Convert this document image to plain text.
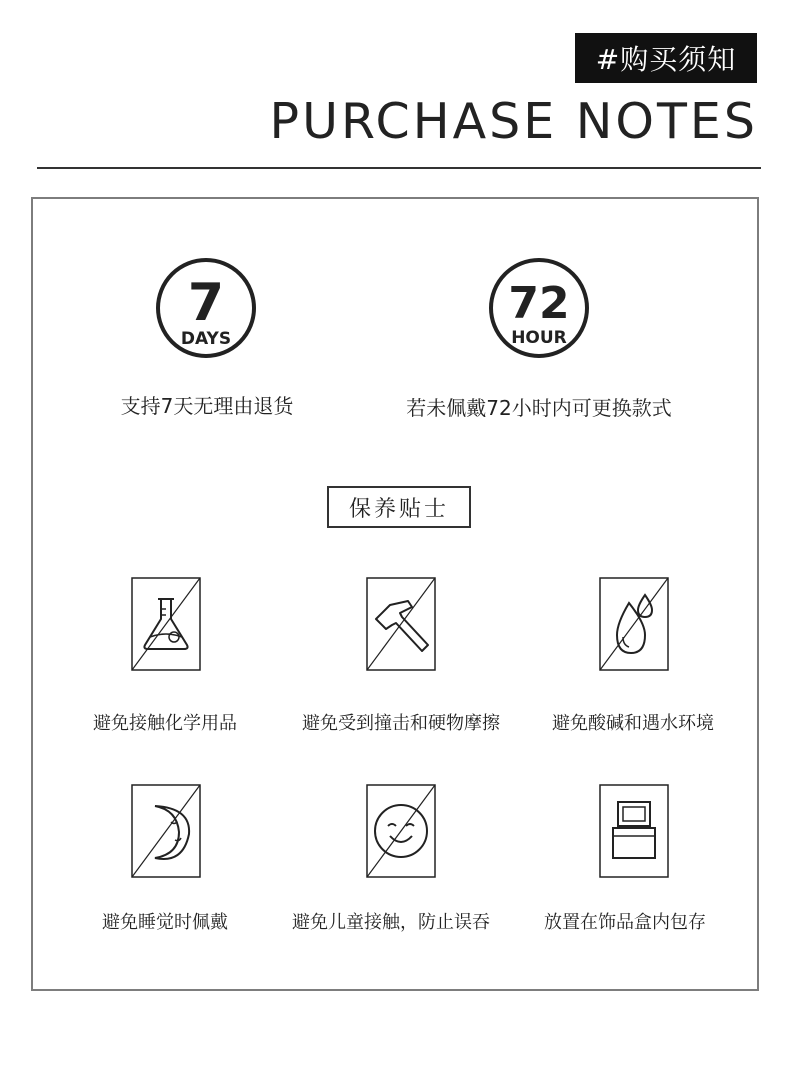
#购买须知
PURCHASE NOTES
7
DAYS
支持7天无理由退货
72
HOUR
若未佩戴72小时内可更换款式
保养贴士
避免接触化学用品	避免受到撞击和硬物摩擦	避免酸碱和遇水环境
避免睡觉时佩戴	避免儿童接触，防止误吞	放置在饰品盒内包存
